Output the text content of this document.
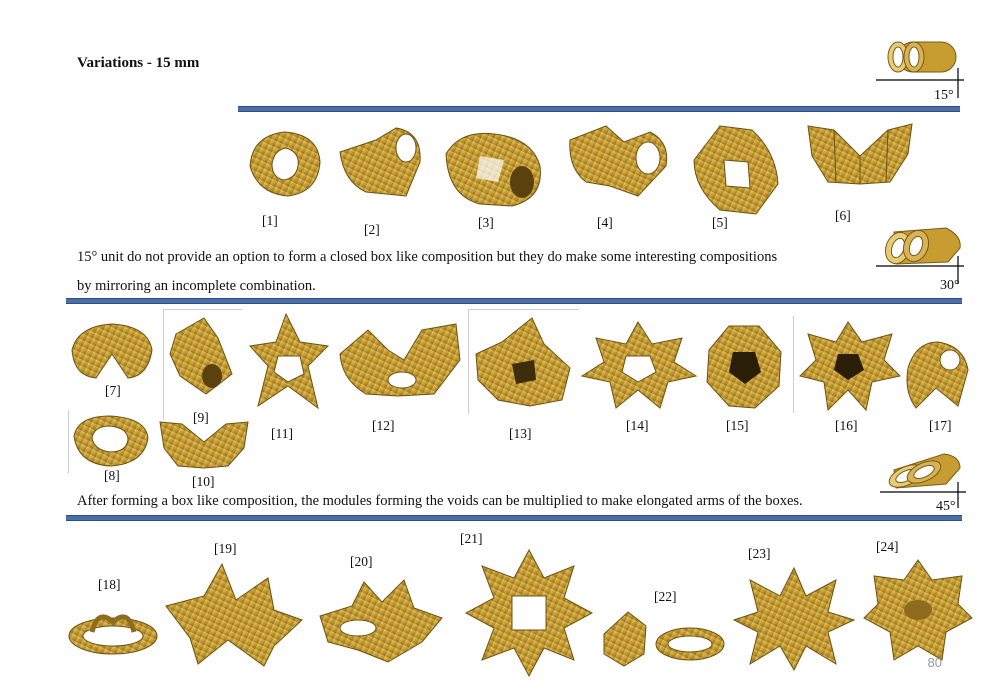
Variations - 15 mm
15°
[1]
[2]	[3]	[4]	[5]	[6]
15° unit do not provide an option to form a closed box like composition but they do make some interesting compositions
by mirroring an incomplete combination.	30°
[7]
[9]
[11]
[12]
[13]
[14]	[15]	[16]	[17]
[8]	[10]
After forming a box like composition, the modules forming the voids can be multiplied to make elongated arms of the boxes.	45°
[18]
[19]
[20]
[21]
[22]
[23]	[24]
80
